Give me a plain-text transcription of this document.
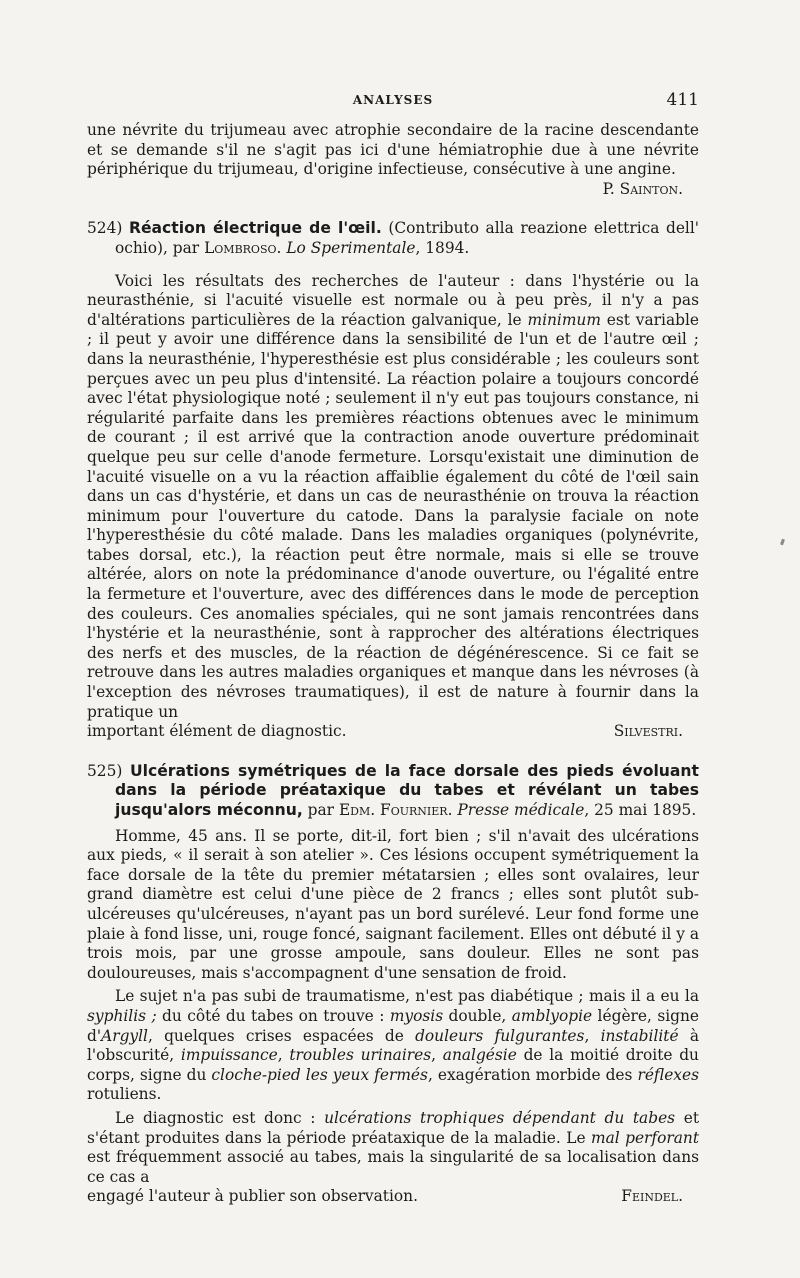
ANALYSES	411

une névrite du trijumeau avec atrophie secondaire de la racine descendante et se demande s'il ne s'agit pas ici d'une hémiatrophie due à une névrite périphérique du trijumeau, d'origine infectieuse, consécutive à une angine.

P. Sainton.

524) Réaction électrique de l'œil. (Contributo alla reazione elettrica dell' ochio), par Lombroso. Lo Sperimentale, 1894.

Voici les résultats des recherches de l'auteur : dans l'hystérie ou la neurasthénie, si l'acuité visuelle est normale ou à peu près, il n'y a pas d'altérations particulières de la réaction galvanique, le minimum est variable ; il peut y avoir une différence dans la sensibilité de l'un et de l'autre œil ; dans la neurasthénie, l'hyperesthésie est plus considérable ; les couleurs sont perçues avec un peu plus d'intensité. La réaction polaire a toujours concordé avec l'état physiologique noté ; seulement il n'y eut pas toujours constance, ni régularité parfaite dans les premières réactions obtenues avec le minimum de courant ; il est arrivé que la contraction anode ouverture prédominait quelque peu sur celle d'anode fermeture. Lorsqu'existait une diminution de l'acuité visuelle on a vu la réaction affaiblie également du côté de l'œil sain dans un cas d'hystérie, et dans un cas de neurasthénie on trouva la réaction minimum pour l'ouverture du catode. Dans la paralysie faciale on note l'hyperesthésie du côté malade. Dans les maladies organiques (polynévrite, tabes dorsal, etc.), la réaction peut être normale, mais si elle se trouve altérée, alors on note la prédominance d'anode ouverture, ou l'égalité entre la fermeture et l'ouverture, avec des différences dans le mode de perception des couleurs. Ces anomalies spéciales, qui ne sont jamais rencontrées dans l'hystérie et la neurasthénie, sont à rapprocher des altérations électriques des nerfs et des muscles, de la réaction de dégénérescence. Si ce fait se retrouve dans les autres maladies organiques et manque dans les névroses (à l'exception des névroses traumatiques), il est de nature à fournir dans la pratique un

important élément de diagnostic.	Silvestri.

525) Ulcérations symétriques de la face dorsale des pieds évoluant dans la période préataxique du tabes et révélant un tabes jusqu'alors méconnu, par Edm. Fournier. Presse médicale, 25 mai 1895.

Homme, 45 ans. Il se porte, dit-il, fort bien ; s'il n'avait des ulcérations aux pieds, « il serait à son atelier ». Ces lésions occupent symétriquement la face dorsale de la tête du premier métatarsien ; elles sont ovalaires, leur grand diamètre est celui d'une pièce de 2 francs ; elles sont plutôt sub-ulcéreuses qu'ulcéreuses, n'ayant pas un bord surélevé. Leur fond forme une plaie à fond lisse, uni, rouge foncé, saignant facilement. Elles ont débuté il y a trois mois, par une grosse ampoule, sans douleur. Elles ne sont pas douloureuses, mais s'accompagnent d'une sensation de froid.

Le sujet n'a pas subi de traumatisme, n'est pas diabétique ; mais il a eu la syphilis ; du côté du tabes on trouve : myosis double, amblyopie légère, signe d'Argyll, quelques crises espacées de douleurs fulgurantes, instabilité à l'obscurité, impuissance, troubles urinaires, analgésie de la moitié droite du corps, signe du cloche-pied les yeux fermés, exagération morbide des réflexes rotuliens.

Le diagnostic est donc : ulcérations trophiques dépendant du tabes et s'étant produites dans la période préataxique de la maladie. Le mal perforant est fréquemment associé au tabes, mais la singularité de sa localisation dans ce cas a

engagé l'auteur à publier son observation.	Feindel.
